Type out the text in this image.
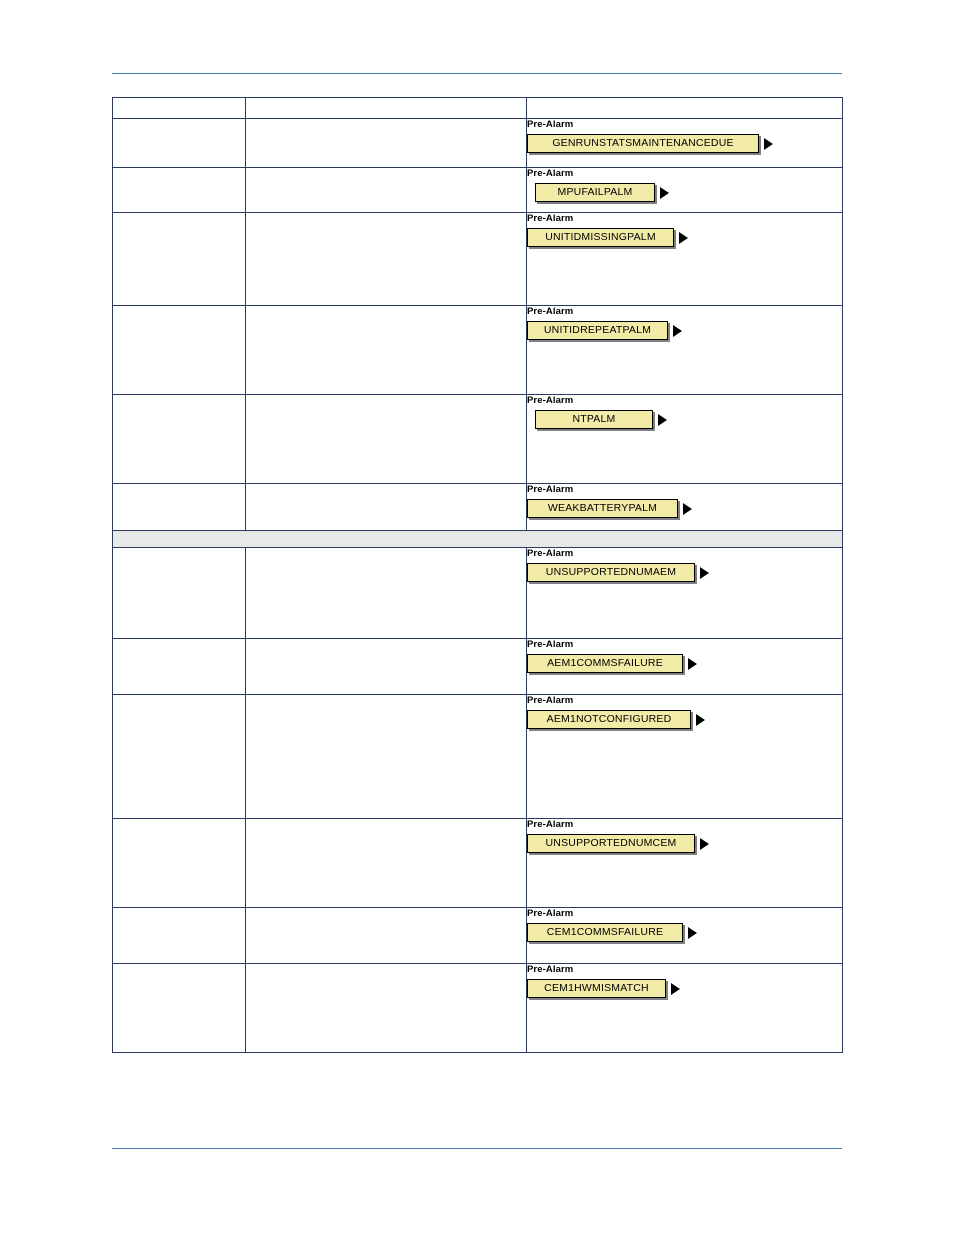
		Pre-Alarm
GENRUNSTATSMAINTENANCEDUE

		Pre-Alarm
MPUFAILPALM

		Pre-Alarm
UNITIDMISSINGPALM

		Pre-Alarm
UNITIDREPEATPALM

		Pre-Alarm
NTPALM

		Pre-Alarm
WEAKBATTERYPALM

		Pre-Alarm
UNSUPPORTEDNUMAEM

		Pre-Alarm
AEM1COMMSFAILURE

		Pre-Alarm
AEM1NOTCONFIGURED

		Pre-Alarm
UNSUPPORTEDNUMCEM

		Pre-Alarm
CEM1COMMSFAILURE

		Pre-Alarm
CEM1HWMISMATCH
